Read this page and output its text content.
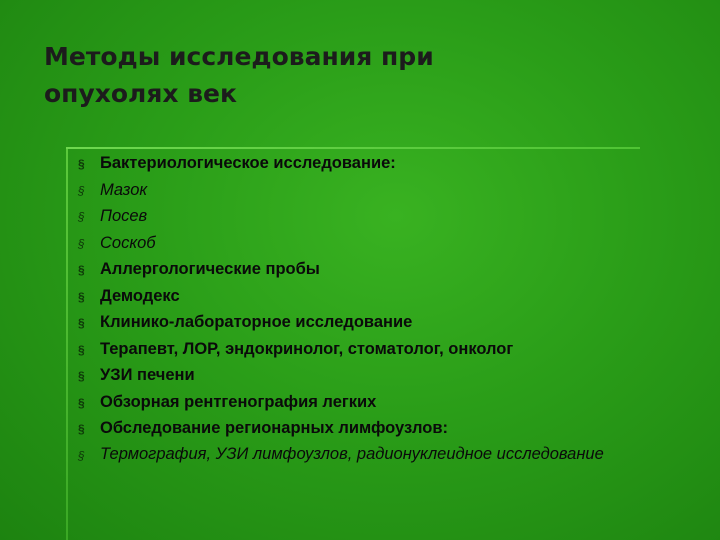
Методы исследования при
опухолях век
§ Бактериологическое исследование:
§ Мазок
§ Посев
§ Соскоб
§ Аллергологические пробы
§ Демодекс
§ Клинико-лабораторное исследование
§ Терапевт, ЛОР, эндокринолог, стоматолог, онколог
§ УЗИ печени
§ Обзорная рентгенография легких
§ Обследование регионарных лимфоузлов:
§ Термография, УЗИ лимфоузлов, радионуклеидное исследование
